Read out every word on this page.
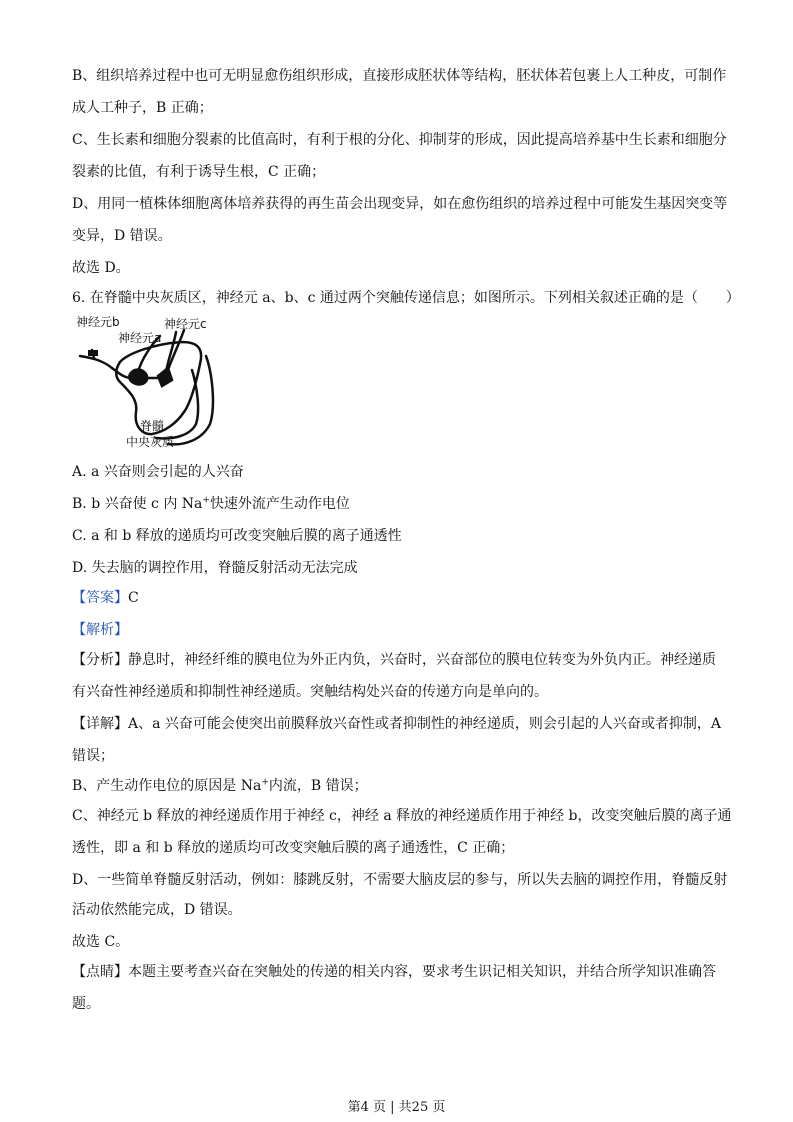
B、组织培养过程中也可无明显愈伤组织形成，直接形成胚状体等结构，胚状体若包裹上人工种皮，可制作
成人工种子，B 正确；
C、生长素和细胞分裂素的比值高时，有利于根的分化、抑制芽的形成，因此提高培养基中生长素和细胞分
裂素的比值，有利于诱导生根，C 正确；
D、用同一植株体细胞离体培养获得的再生苗会出现变异，如在愈伤组织的培养过程中可能发生基因突变等
变异，D 错误。
故选 D。
6. 在脊髓中央灰质区，神经元 a、b、c 通过两个突触传递信息；如图所示。下列相关叙述正确的是（　　）
神经元b	神经元c
神经元a
脊髓
中央灰质
A. a 兴奋则会引起的人兴奋
B. b 兴奋使 c 内 Na+快速外流产生动作电位
C. a 和 b 释放的递质均可改变突触后膜的离子通透性
D. 失去脑的调控作用，脊髓反射活动无法完成
【答案】C
【解析】
【分析】静息时，神经纤维的膜电位为外正内负，兴奋时，兴奋部位的膜电位转变为外负内正。神经递质
有兴奋性神经递质和抑制性神经递质。突触结构处兴奋的传递方向是单向的。
【详解】A、a 兴奋可能会使突出前膜释放兴奋性或者抑制性的神经递质，则会引起的人兴奋或者抑制，A
错误；
B、产生动作电位的原因是 Na+内流，B 错误；
C、神经元 b 释放的神经递质作用于神经 c，神经 a 释放的神经递质作用于神经 b，改变突触后膜的离子通
透性，即 a 和 b 释放的递质均可改变突触后膜的离子通透性，C 正确；
D、一些简单脊髓反射活动，例如：膝跳反射，不需要大脑皮层的参与，所以失去脑的调控作用，脊髓反射
活动依然能完成，D 错误。
故选 C。
【点睛】本题主要考查兴奋在突触处的传递的相关内容，要求考生识记相关知识，并结合所学知识准确答
题。
第4 页 | 共25 页
